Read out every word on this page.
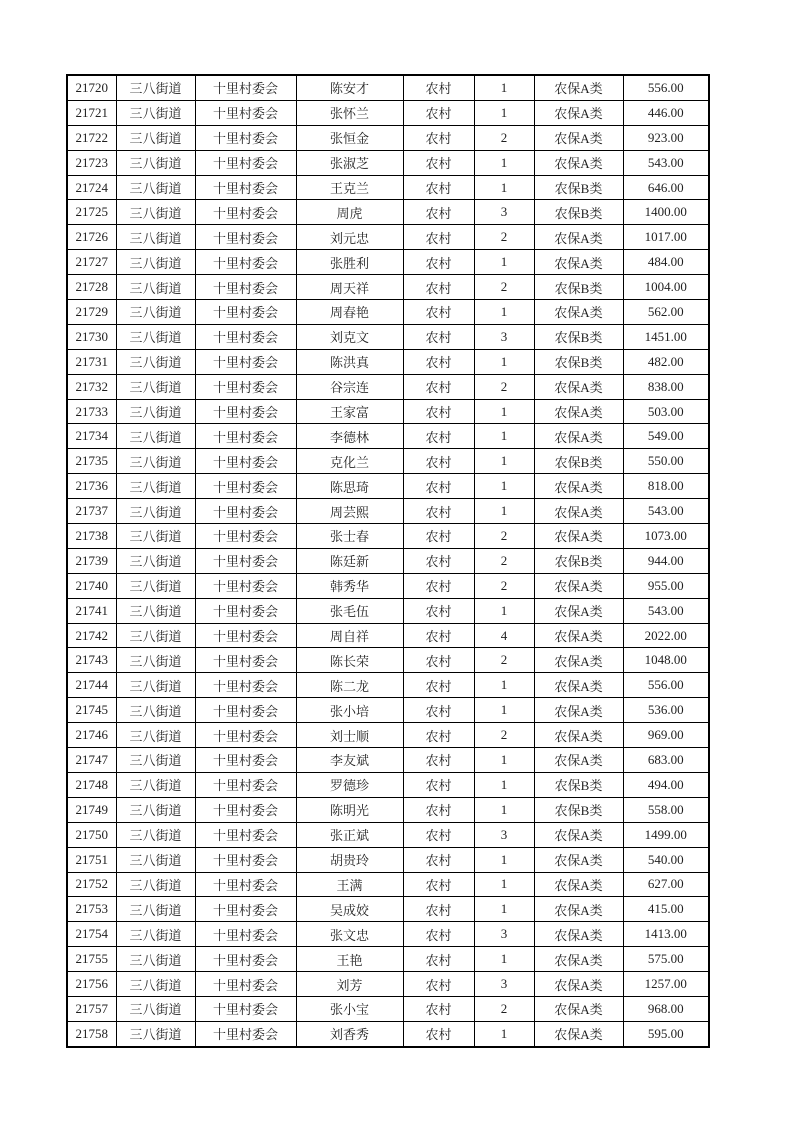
21720	三八街道	十里村委会	陈安才	农村	1	农保A类	556.00
21721	三八街道	十里村委会	张怀兰	农村	1	农保A类	446.00
21722	三八街道	十里村委会	张恒金	农村	2	农保A类	923.00
21723	三八街道	十里村委会	张淑芝	农村	1	农保A类	543.00
21724	三八街道	十里村委会	王克兰	农村	1	农保B类	646.00
21725	三八街道	十里村委会	周虎	农村	3	农保B类	1400.00
21726	三八街道	十里村委会	刘元忠	农村	2	农保A类	1017.00
21727	三八街道	十里村委会	张胜利	农村	1	农保A类	484.00
21728	三八街道	十里村委会	周天祥	农村	2	农保B类	1004.00
21729	三八街道	十里村委会	周春艳	农村	1	农保A类	562.00
21730	三八街道	十里村委会	刘克文	农村	3	农保B类	1451.00
21731	三八街道	十里村委会	陈洪真	农村	1	农保B类	482.00
21732	三八街道	十里村委会	谷宗连	农村	2	农保A类	838.00
21733	三八街道	十里村委会	王家富	农村	1	农保A类	503.00
21734	三八街道	十里村委会	李德林	农村	1	农保A类	549.00
21735	三八街道	十里村委会	克化兰	农村	1	农保B类	550.00
21736	三八街道	十里村委会	陈思琦	农村	1	农保A类	818.00
21737	三八街道	十里村委会	周芸熙	农村	1	农保A类	543.00
21738	三八街道	十里村委会	张士春	农村	2	农保A类	1073.00
21739	三八街道	十里村委会	陈廷新	农村	2	农保B类	944.00
21740	三八街道	十里村委会	韩秀华	农村	2	农保A类	955.00
21741	三八街道	十里村委会	张毛伍	农村	1	农保A类	543.00
21742	三八街道	十里村委会	周自祥	农村	4	农保A类	2022.00
21743	三八街道	十里村委会	陈长荣	农村	2	农保A类	1048.00
21744	三八街道	十里村委会	陈二龙	农村	1	农保A类	556.00
21745	三八街道	十里村委会	张小培	农村	1	农保A类	536.00
21746	三八街道	十里村委会	刘士顺	农村	2	农保A类	969.00
21747	三八街道	十里村委会	李友斌	农村	1	农保A类	683.00
21748	三八街道	十里村委会	罗德珍	农村	1	农保B类	494.00
21749	三八街道	十里村委会	陈明光	农村	1	农保B类	558.00
21750	三八街道	十里村委会	张正斌	农村	3	农保A类	1499.00
21751	三八街道	十里村委会	胡贵玲	农村	1	农保A类	540.00
21752	三八街道	十里村委会	王满	农村	1	农保A类	627.00
21753	三八街道	十里村委会	吴成姣	农村	1	农保A类	415.00
21754	三八街道	十里村委会	张文忠	农村	3	农保A类	1413.00
21755	三八街道	十里村委会	王艳	农村	1	农保A类	575.00
21756	三八街道	十里村委会	刘芳	农村	3	农保A类	1257.00
21757	三八街道	十里村委会	张小宝	农村	2	农保A类	968.00
21758	三八街道	十里村委会	刘香秀	农村	1	农保A类	595.00
